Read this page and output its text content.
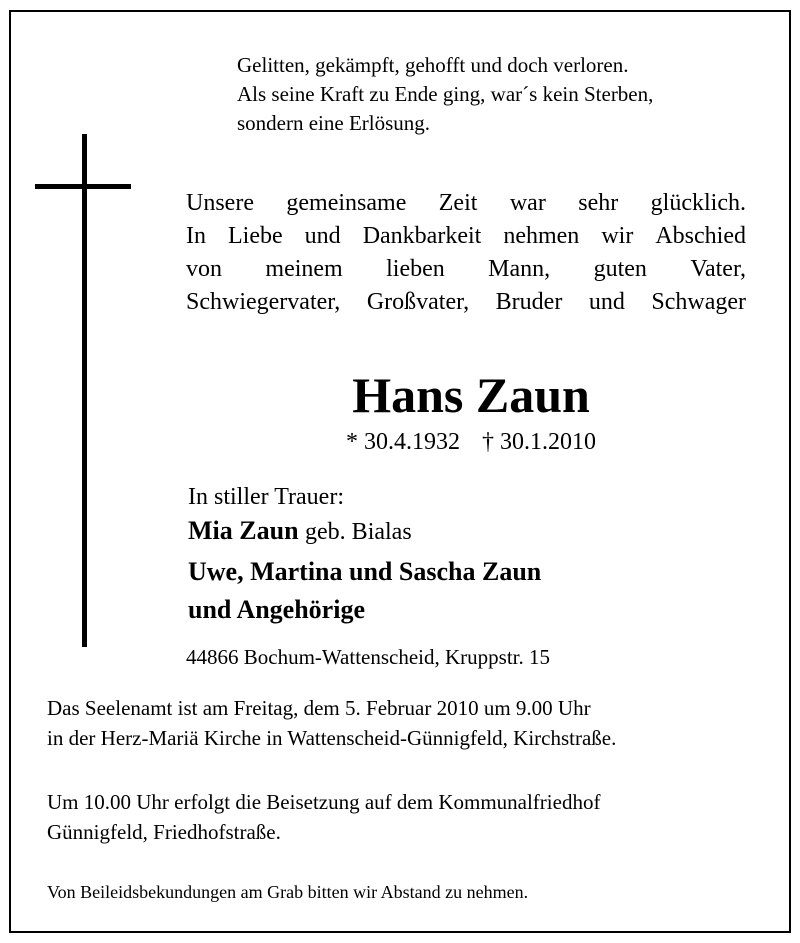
Gelitten, gekämpft, gehofft und doch verloren.
Als seine Kraft zu Ende ging, war´s kein Sterben,
sondern eine Erlösung.
Unsere gemeinsame Zeit war sehr glücklich.
In Liebe und Dankbarkeit nehmen wir Abschied
von meinem lieben Mann, guten Vater,
Schwiegervater, Großvater, Bruder und Schwager
Hans Zaun
* 30.4.1932 † 30.1.2010
In stiller Trauer:
Mia Zaun geb. Bialas
Uwe, Martina und Sascha Zaun
und Angehörige
44866 Bochum-Wattenscheid, Kruppstr. 15
Das Seelenamt ist am Freitag, dem 5. Februar 2010 um 9.00 Uhr
in der Herz-Mariä Kirche in Wattenscheid-Günnigfeld, Kirchstraße.
Um 10.00 Uhr erfolgt die Beisetzung auf dem Kommunalfriedhof
Günnigfeld, Friedhofstraße.
Von Beileidsbekundungen am Grab bitten wir Abstand zu nehmen.
